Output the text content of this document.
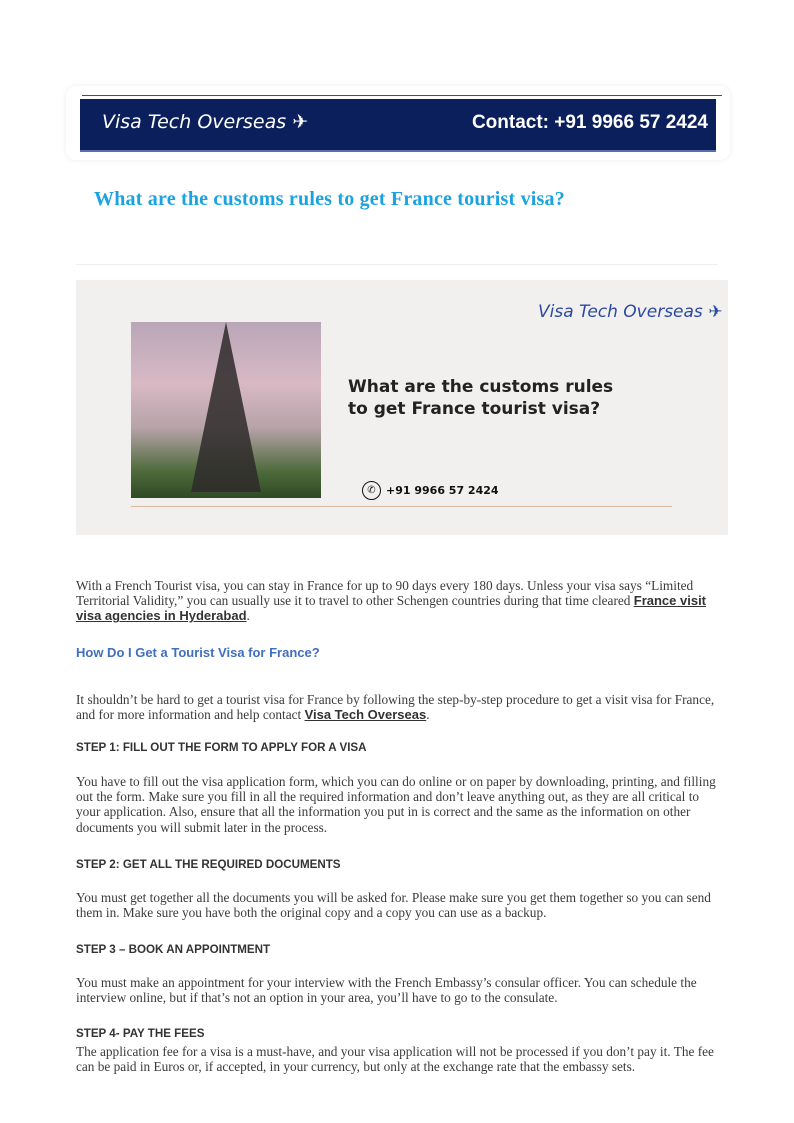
Visa Tech Overseas ✈	Contact: +91 9966 57 2424
What are the customs rules to get France tourist visa?
Visa Tech Overseas ✈
What are the customs rules
to get France tourist visa?
✆ +91 9966 57 2424
With a French Tourist visa, you can stay in France for up to 90 days every 180 days. Unless your visa says “Limited Territorial Validity,” you can usually use it to travel to other Schengen countries during that time cleared France visit visa agencies in Hyderabad.
How Do I Get a Tourist Visa for France?
It shouldn’t be hard to get a tourist visa for France by following the step-by-step procedure to get a visit visa for France, and for more information and help contact Visa Tech Overseas.
STEP 1: FILL OUT THE FORM TO APPLY FOR A VISA
You have to fill out the visa application form, which you can do online or on paper by downloading, printing, and filling out the form. Make sure you fill in all the required information and don’t leave anything out, as they are all critical to your application. Also, ensure that all the information you put in is correct and the same as the information on other documents you will submit later in the process.
STEP 2: GET ALL THE REQUIRED DOCUMENTS
You must get together all the documents you will be asked for. Please make sure you get them together so you can send them in. Make sure you have both the original copy and a copy you can use as a backup.
STEP 3 – BOOK AN APPOINTMENT
You must make an appointment for your interview with the French Embassy’s consular officer. You can schedule the interview online, but if that’s not an option in your area, you’ll have to go to the consulate.
STEP 4- PAY THE FEES
The application fee for a visa is a must-have, and your visa application will not be processed if you don’t pay it. The fee can be paid in Euros or, if accepted, in your currency, but only at the exchange rate that the embassy sets.
